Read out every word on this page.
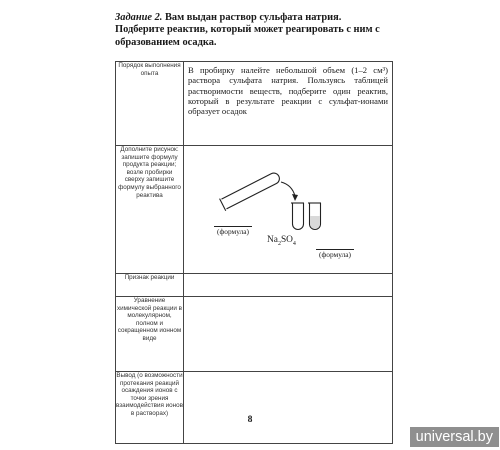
Задание 2. Вам выдан раствор сульфата натрия. Подберите реактив, который может реагировать с ним с образованием осадка.
Порядок выполнения опыта	В пробирку налейте небольшой объем (1–2 см³) раствора сульфата натрия. Пользуясь таблицей растворимости веществ, подберите один реактив, который в результате реакции с сульфат-ионами образует осадок

Дополните рисунок: запишите формулу продукта реакции; возле пробирки сверху запишите формулу выбранного реактива	(формула)
$Na_2SO_4$
(формула)

Признак реакции	
Уравнение химической реакции в молекулярном, полном и сокращенном ионном виде	
Вывод (о возможности протекания реакций осаждения ионов с точки зрения взаимодействия ионов в растворах)	
8
universal.by
